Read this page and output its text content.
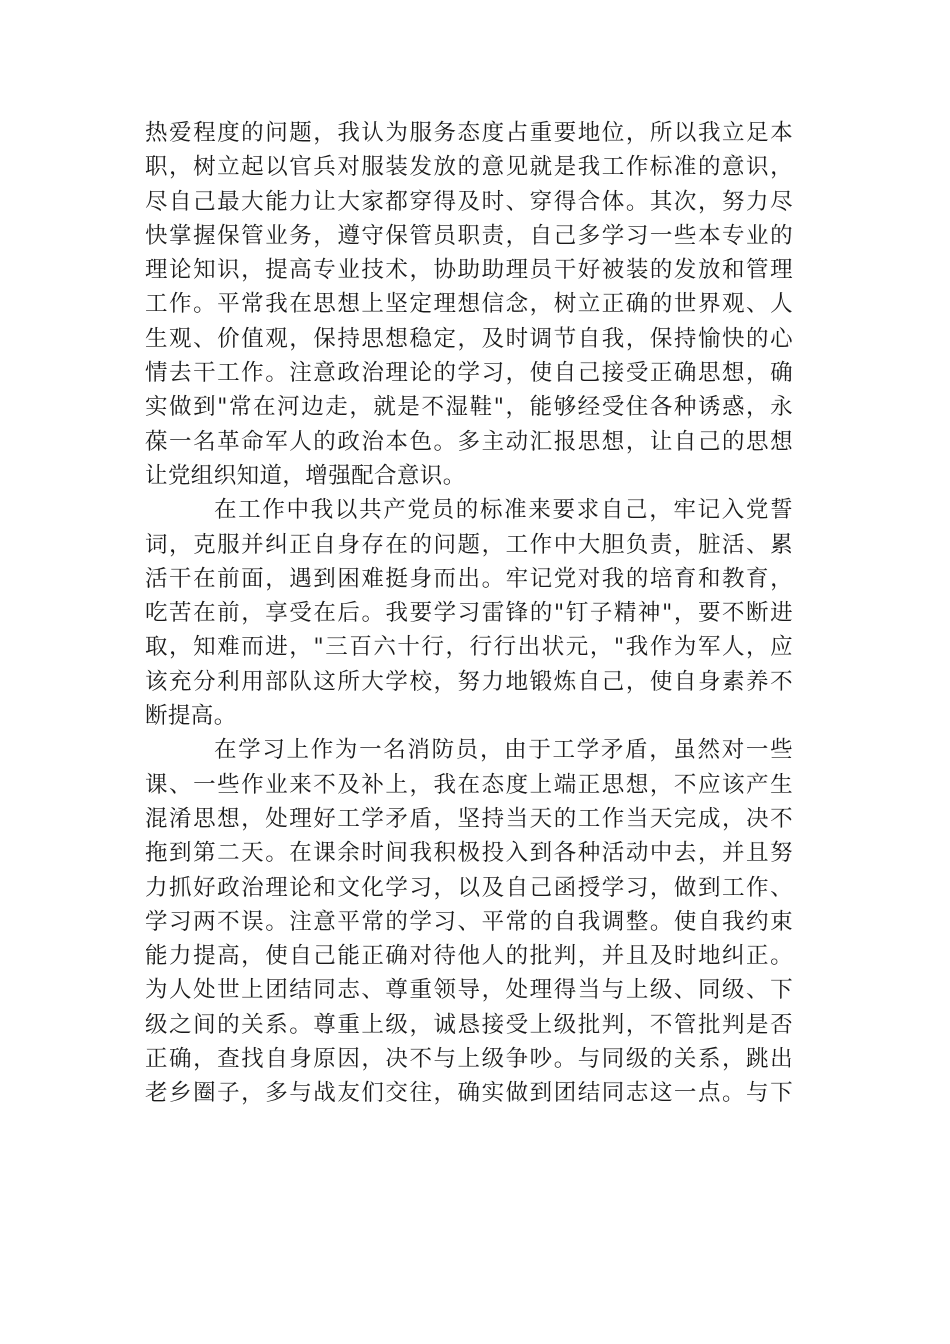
热爱程度的问题，我认为服务态度占重要地位，所以我立足本
职，树立起以官兵对服装发放的意见就是我工作标准的意识，
尽自己最大能力让大家都穿得及时、穿得合体。其次，努力尽
快掌握保管业务，遵守保管员职责，自己多学习一些本专业的
理论知识，提高专业技术，协助助理员干好被装的发放和管理
工作。平常我在思想上坚定理想信念，树立正确的世界观、人
生观、价值观，保持思想稳定，及时调节自我，保持愉快的心
情去干工作。注意政治理论的学习，使自己接受正确思想，确
实做到"常在河边走，就是不湿鞋"，能够经受住各种诱惑，永
葆一名革命军人的政治本色。多主动汇报思想，让自己的思想
让党组织知道，增强配合意识。

在工作中我以共产党员的标准来要求自己，牢记入党誓
词，克服并纠正自身存在的问题，工作中大胆负责，脏活、累
活干在前面，遇到困难挺身而出。牢记党对我的培育和教育，
吃苦在前，享受在后。我要学习雷锋的"钉子精神"，要不断进
取，知难而进，"三百六十行，行行出状元，"我作为军人，应
该充分利用部队这所大学校，努力地锻炼自己，使自身素养不
断提高。

在学习上作为一名消防员，由于工学矛盾，虽然对一些
课、一些作业来不及补上，我在态度上端正思想，不应该产生
混淆思想，处理好工学矛盾，坚持当天的工作当天完成，决不
拖到第二天。在课余时间我积极投入到各种活动中去，并且努
力抓好政治理论和文化学习，以及自己函授学习，做到工作、
学习两不误。注意平常的学习、平常的自我调整。使自我约束
能力提高，使自己能正确对待他人的批判，并且及时地纠正。
为人处世上团结同志、尊重领导，处理得当与上级、同级、下
级之间的关系。尊重上级，诚恳接受上级批判，不管批判是否
正确，查找自身原因，决不与上级争吵。与同级的关系，跳出
老乡圈子，多与战友们交往，确实做到团结同志这一点。与下
